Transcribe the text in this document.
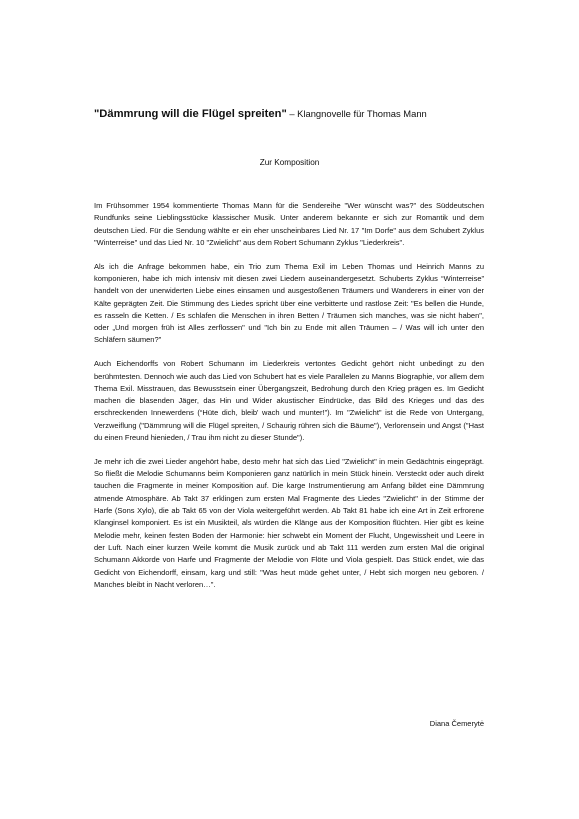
"Dämmrung will die Flügel spreiten" – Klangnovelle für Thomas Mann
Zur Komposition

Im Frühsommer 1954 kommentierte Thomas Mann für die Sendereihe "Wer wünscht was?" des Süddeutschen Rundfunks seine Lieblingsstücke klassischer Musik. Unter anderem bekannte er sich zur Romantik und dem deutschen Lied. Für die Sendung wählte er ein eher unscheinbares Lied Nr. 17 "Im Dorfe" aus dem Schubert Zyklus "Winterreise" und das Lied Nr. 10 "Zwielicht" aus dem Robert Schumann Zyklus "Liederkreis".

Als ich die Anfrage bekommen habe, ein Trio zum Thema Exil im Leben Thomas und Heinrich Manns zu komponieren, habe ich mich intensiv mit diesen zwei Liedern auseinandergesetzt. Schuberts Zyklus “Winterreise” handelt von der unerwiderten Liebe eines einsamen und ausgestoßenen Träumers und Wanderers in einer von der Kälte geprägten Zeit. Die Stimmung des Liedes spricht über eine verbitterte und rastlose Zeit: "Es bellen die Hunde, es rasseln die Ketten. / Es schlafen die Menschen in ihren Betten / Träumen sich manches, was sie nicht haben", oder „Und morgen früh ist Alles zerflossen" und "Ich bin zu Ende mit allen Träumen – / Was will ich unter den Schläfern säumen?"

Auch Eichendorffs von Robert Schumann im Liederkreis vertontes Gedicht gehört nicht unbedingt zu den berühmtesten. Dennoch wie auch das Lied von Schubert hat es viele Parallelen zu Manns Biographie, vor allem dem Thema Exil. Misstrauen, das Bewusstsein einer Übergangszeit, Bedrohung durch den Krieg prägen es. Im Gedicht machen die blasenden Jäger, das Hin und Wider akustischer Eindrücke, das Bild des Krieges und das des erschreckenden Innewerdens (“Hüte dich, bleib' wach und munter!”). Im "Zwielicht" ist die Rede von Untergang, Verzweiflung ("Dämmrung will die Flügel spreiten, / Schaurig rühren sich die Bäume"), Verlorensein und Angst ("Hast du einen Freund hienieden, / Trau ihm nicht zu dieser Stunde").

Je mehr ich die zwei Lieder angehört habe, desto mehr hat sich das Lied "Zwielicht" in mein Gedächtnis eingeprägt. So fließt die Melodie Schumanns beim Komponieren ganz natürlich in mein Stück hinein. Versteckt oder auch direkt tauchen die Fragmente in meiner Komposition auf. Die karge Instrumentierung am Anfang bildet eine Dämmrung atmende Atmosphäre. Ab Takt 37 erklingen zum ersten Mal Fragmente des Liedes "Zwielicht" in der Stimme der Harfe (Sons Xylo), die ab Takt 65 von der Viola weitergeführt werden. Ab Takt 81 habe ich eine Art in Zeit erfrorene Klanginsel komponiert. Es ist ein Musikteil, als würden die Klänge aus der Komposition flüchten. Hier gibt es keine Melodie mehr, keinen festen Boden der Harmonie: hier schwebt ein Moment der Flucht, Ungewissheit und Leere in der Luft. Nach einer kurzen Weile kommt die Musik zurück und ab Takt 111 werden zum ersten Mal die original Schumann Akkorde von Harfe und Fragmente der Melodie von Flöte und Viola gespielt. Das Stück endet, wie das Gedicht von Eichendorff, einsam, karg und still: "Was heut müde gehet unter, / Hebt sich morgen neu geboren. / Manches bleibt in Nacht verloren…".

Diana Čemerytė
